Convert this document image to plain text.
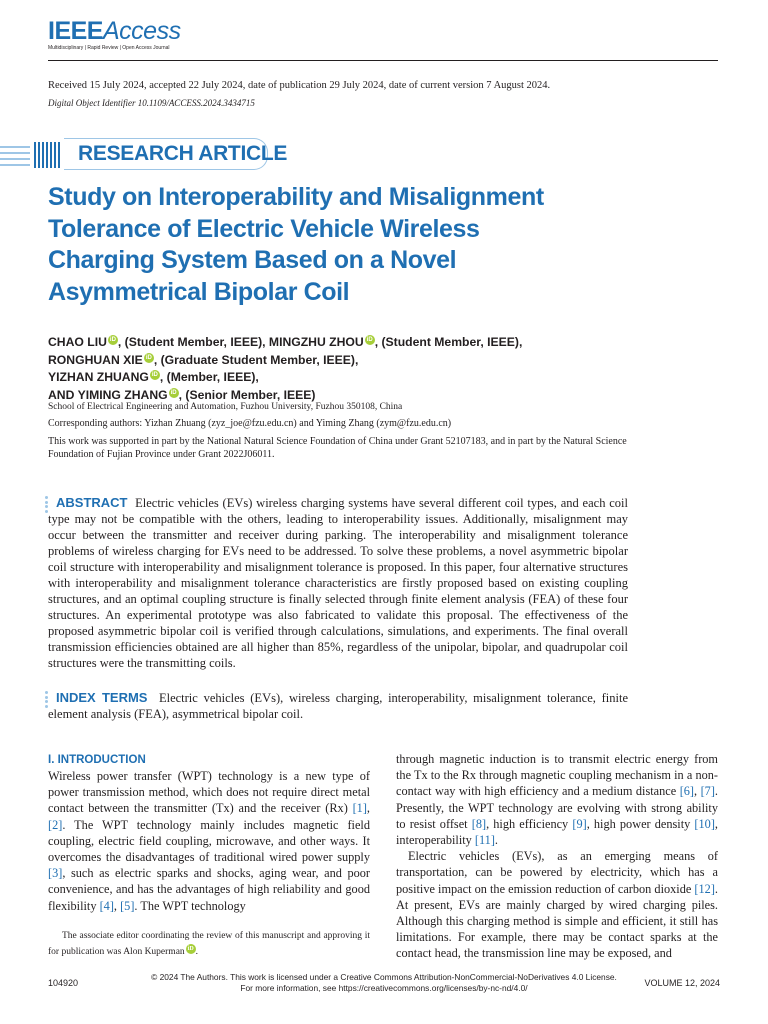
IEEEAccess
Multidisciplinary | Rapid Review | Open Access Journal
Received 15 July 2024, accepted 22 July 2024, date of publication 29 July 2024, date of current version 7 August 2024.
Digital Object Identifier 10.1109/ACCESS.2024.3434715
RESEARCH ARTICLE
Study on Interoperability and Misalignment
Tolerance of Electric Vehicle Wireless
Charging System Based on a Novel
Asymmetrical Bipolar Coil
CHAO LIU iD , (Student Member, IEEE), MINGZHU ZHOU iD , (Student Member, IEEE),
RONGHUAN XIE iD , (Graduate Student Member, IEEE),
YIZHAN ZHUANG iD , (Member, IEEE),
AND YIMING ZHANG iD , (Senior Member, IEEE)
School of Electrical Engineering and Automation, Fuzhou University, Fuzhou 350108, China
Corresponding authors: Yizhan Zhuang (zyz_joe@fzu.edu.cn) and Yiming Zhang (zym@fzu.edu.cn)
This work was supported in part by the National Natural Science Foundation of China under Grant 52107183, and in part by the Natural Science Foundation of Fujian Province under Grant 2022J06011.
ABSTRACT Electric vehicles (EVs) wireless charging systems have several different coil types, and each coil type may not be compatible with the others, leading to interoperability issues. Additionally, misalignment may occur between the transmitter and receiver during parking. The interoperability and misalignment tolerance problems of wireless charging for EVs need to be addressed. To solve these problems, a novel asymmetric bipolar coil structure with interoperability and misalignment tolerance is proposed. In this paper, four alternative structures with interoperability and misalignment tolerance characteristics are firstly proposed based on existing coupling structures, and an optimal coupling structure is finally selected through finite element analysis (FEA) of these four structures. An experimental prototype was also fabricated to validate this proposal. The effectiveness of the proposed asymmetric bipolar coil is verified through calculations, simulations, and experiments. The final overall transmission efficiencies obtained are all higher than 85%, regardless of the unipolar, bipolar, and quadrupolar coil structures were the transmitting coils.
INDEX TERMS Electric vehicles (EVs), wireless charging, interoperability, misalignment tolerance, finite element analysis (FEA), asymmetrical bipolar coil.
I. INTRODUCTION
Wireless power transfer (WPT) technology is a new type of power transmission method, which does not require direct metal contact between the transmitter (Tx) and the receiver (Rx) [1], [2]. The WPT technology mainly includes magnetic field coupling, electric field coupling, microwave, and other ways. It overcomes the disadvantages of traditional wired power supply [3], such as electric sparks and shocks, aging wear, and poor convenience, and has the advantages of high reliability and good flexibility [4], [5]. The WPT technology
through magnetic induction is to transmit electric energy from the Tx to the Rx through magnetic coupling mechanism in a non-contact way with high efficiency and a medium distance [6], [7]. Presently, the WPT technology are evolving with strong ability to resist offset [8], high efficiency [9], high power density [10], interoperability [11].
Electric vehicles (EVs), as an emerging means of transportation, can be powered by electricity, which has a positive impact on the emission reduction of carbon dioxide [12]. At present, EVs are mainly charged by wired charging piles. Although this charging method is simple and efficient, it still has limitations. For example, there may be contact sparks at the contact head, the transmission line may be exposed, and
The associate editor coordinating the review of this manuscript and approving it for publication was Alon Kuperman iD .
© 2024 The Authors. This work is licensed under a Creative Commons Attribution-NonCommercial-NoDerivatives 4.0 License.
For more information, see https://creativecommons.org/licenses/by-nc-nd/4.0/
104920	VOLUME 12, 2024
